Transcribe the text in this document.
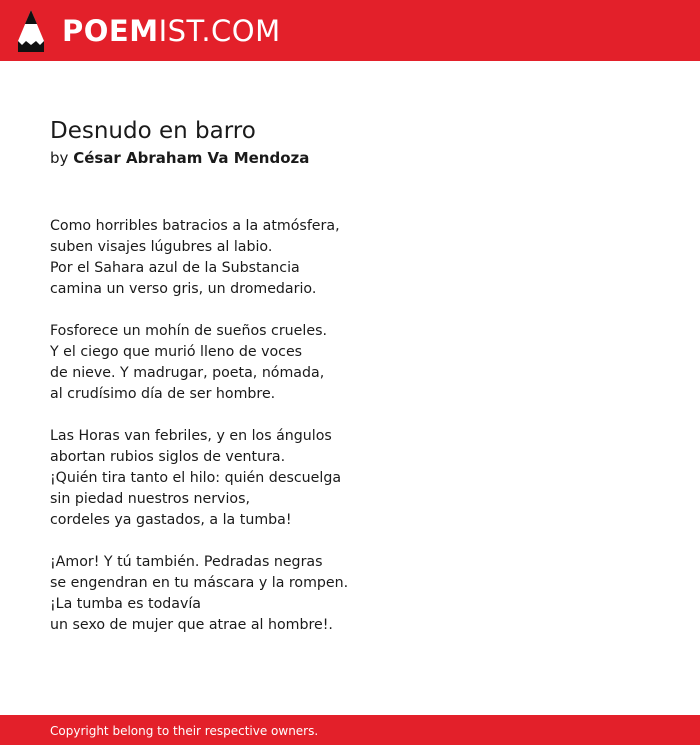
POEMIST.COM
Desnudo en barro
by César Abraham Va Mendoza
Como horribles batracios a la atmósfera,
suben visajes lúgubres al labio.
Por el Sahara azul de la Substancia
camina un verso gris, un dromedario.
Fosforece un mohín de sueños crueles.
Y el ciego que murió lleno de voces
de nieve. Y madrugar, poeta, nómada,
al crudísimo día de ser hombre.
Las Horas van febriles, y en los ángulos
abortan rubios siglos de ventura.
¡Quién tira tanto el hilo: quién descuelga
sin piedad nuestros nervios,
cordeles ya gastados, a la tumba!
¡Amor! Y tú también. Pedradas negras
se engendran en tu máscara y la rompen.
¡La tumba es todavía
un sexo de mujer que atrae al hombre!.
Copyright belong to their respective owners.
